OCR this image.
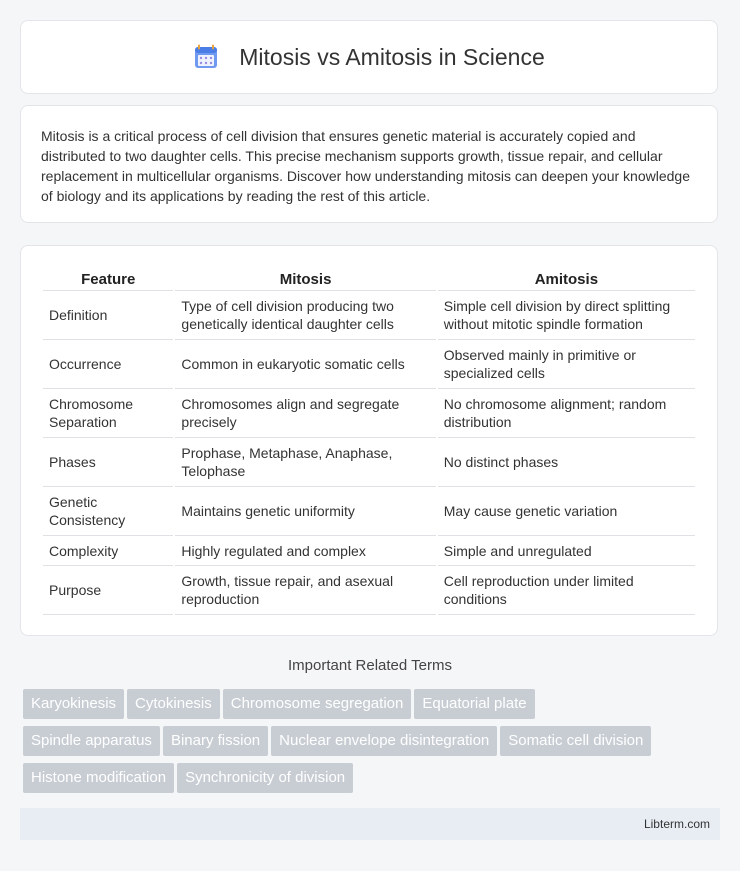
Mitosis vs Amitosis in Science

Mitosis is a critical process of cell division that ensures genetic material is accurately copied and distributed to two daughter cells. This precise mechanism supports growth, tissue repair, and cellular replacement in multicellular organisms. Discover how understanding mitosis can deepen your knowledge of biology and its applications by reading the rest of this article.

Feature	Mitosis	Amitosis
Definition	Type of cell division producing two genetically identical daughter cells	Simple cell division by direct splitting without mitotic spindle formation
Occurrence	Common in eukaryotic somatic cells	Observed mainly in primitive or specialized cells
Chromosome Separation	Chromosomes align and segregate precisely	No chromosome alignment; random distribution
Phases	Prophase, Metaphase, Anaphase, Telophase	No distinct phases
Genetic Consistency	Maintains genetic uniformity	May cause genetic variation
Complexity	Highly regulated and complex	Simple and unregulated
Purpose	Growth, tissue repair, and asexual reproduction	Cell reproduction under limited conditions
Important Related Terms
Karyokinesis Cytokinesis Chromosome segregation Equatorial plate
Spindle apparatus Binary fission Nuclear envelope disintegration Somatic cell division
Histone modification Synchronicity of division
Libterm.com
